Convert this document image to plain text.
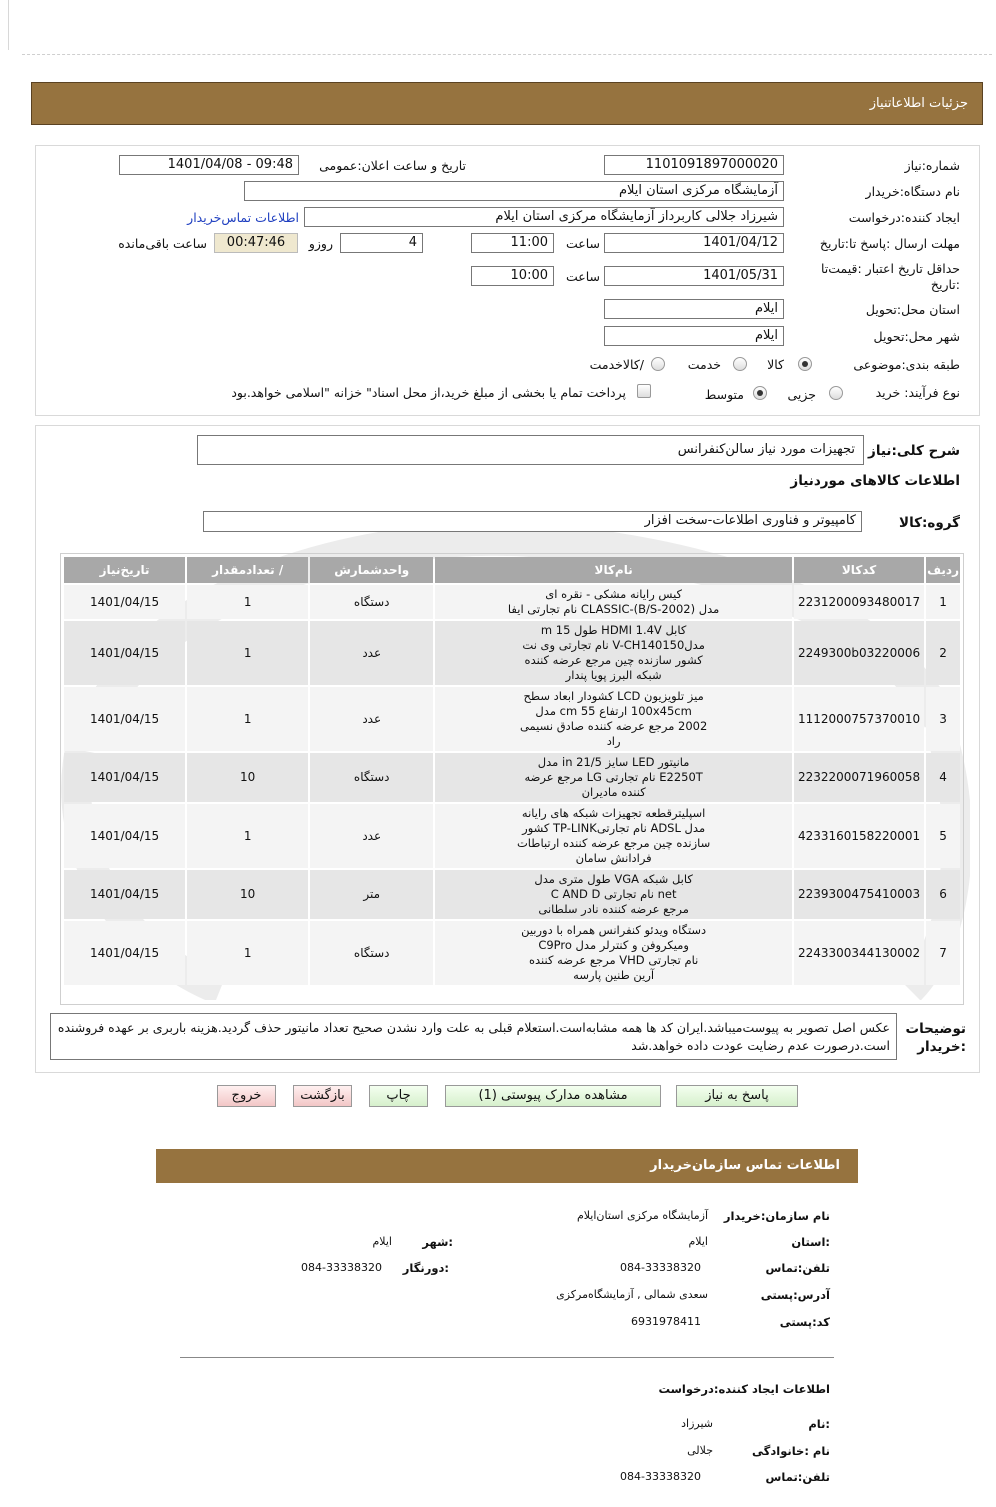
جزئیات اطلاعاتنیاز
شماره:نیاز
1101091897000020
تاریخ و ساعت اعلان:عمومی
1401/04/08 - 09:48
نام دستگاه:خریدار
آزمایشگاه مرکزی استان ایلام
ایجاد کننده:درخواست
شیرزاد جلالی کاربرداز آزمایشگاه مرکزی استان ایلام
اطلاعات تماس‌خریدار
مهلت ارسال :پاسخ تا:تاریخ
1401/04/12
ساعت
11:00
4
روزو
00:47:46
ساعت باقی‌مانده
حداقل تاریخ اعتبار :قیمت‌تا
:تاریخ
1401/05/31
ساعت
10:00
استان محل:تحویل
ایلام
شهر محل:تحویل
ایلام
طبقه بندی:موضوعی
کالا
خدمت
/کالاخدمت
نوع فرآیند: خرید
جزیی
متوسط
پرداخت تمام یا بخشی از مبلغ خرید،از محل اسناد" خزانه "اسلامی خواهد.بود
شرح کلی:نیاز
تجهیزات مورد نیاز سالن‌کنفرانس
اطلاعات کالاهای موردنیاز
گروه:کالا
کامپیوتر و فناوری اطلاعات-سخت افزار
ردیف	کدکالا	نام‌کالا	واحدشمارش	/ تعدادمقدار	تاریخ‌نیاز
1	2231200093480017	کیس رایانه مشکی - نقره ای
مدل CLASSIC-(B/S-2002) نام تجارتی ایفا	دستگاه	1	1401/04/15
2	2249300b03220006	کابل HDMI 1.4V طول 15 m
مدلV-CH140150 نام تجارتی وی نت
کشور سازنده چین مرجع عرضه کننده
شبکه البرز پویا پندار	عدد	1	1401/04/15
3	1112000757370010	میز تلویزیون LCD کشودار ابعاد سطح
100x45cm ارتفاع 55 cm مدل
2002 مرجع عرضه کننده صادق نسیمی
راد	عدد	1	1401/04/15
4	2232200071960058	مانیتور LED سایز 21/5 in مدل
E2250T نام تجارتی LG مرجع عرضه
کننده مادیران	دستگاه	10	1401/04/15
5	4233160158220001	اسپلیترقطعه تجهیزات شبکه های رایانه
مدل ADSL نام تجارتیTP-LINK کشور
سازنده چین مرجع عرضه کننده ارتباطات
فرادانش سامان	عدد	1	1401/04/15
6	2239300475410003	کابل شبکه VGA طول متری مدل
net نام تجارتی C AND D
مرجع عرضه کننده نادر سلطانی	متر	10	1401/04/15
7	2243300344130002	دستگاه ویدئو کنفرانس همراه با دوربین
ومیکروفن و کنترلر مدل C9Pro
نام تجارتی VHD مرجع عرضه کننده
آرین طنین پارسه	دستگاه	1	1401/04/15
توضیحات
:خریدار
عکس اصل تصویر به پیوست‌میباشد.ایران کد ها همه مشابه‌است.استعلام قبلی به علت وارد نشدن صحیح تعداد مانیتور حذف گردید.هزینه باربری بر عهده فروشنده است.درصورت عدم رضایت عودت داده خواهد.شد
پاسخ به نیاز
مشاهده مدارک پیوستی (1)
چاپ
بازگشت
خروج
اطلاعات تماس سازمان‌خریدار
نام سازمان:خریدار
آزمایشگاه مرکزی استان‌ایلام
:استان
ایلام
:شهر
ایلام
تلفن:تماس
084-33338320
:دورنگار
084-33338320
آدرس:پستی
سعدی شمالی , آزمایشگاه‌مرکزی
کد:پستی
6931978411
اطلاعات ایجاد کننده:درخواست
:نام
شیرزاد
نام :خانوادگی
جلالی
تلفن:تماس
084-33338320
